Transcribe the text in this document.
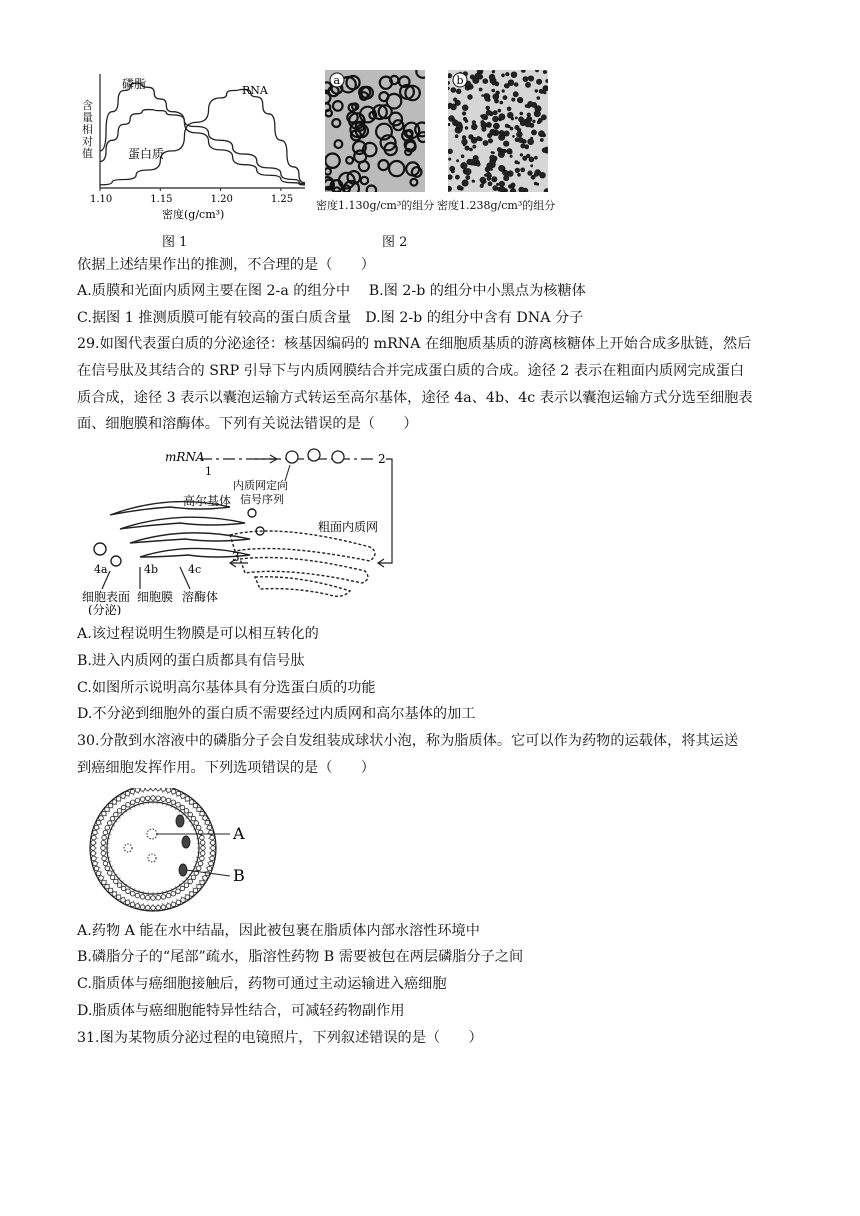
1.10	1.15	1.20	1.25
磷脂	RNA
蛋白质
密度(g/cm³)
含量相对值
图 1
a	b
密度1.130g/cm³的组分 密度1.238g/cm³的组分
图 2
依据上述结果作出的推测，不合理的是（　　）
A.质膜和光面内质网主要在图 2-a 的组分中　 B.图 2-b 的组分中小黑点为核糖体
C.据图 1 推测质膜可能有较高的蛋白质含量　D.图 2-b 的组分中含有 DNA 分子
29.如图代表蛋白质的分泌途径：核基因编码的 mRNA 在细胞质基质的游离核糖体上开始合成多肽链，然后
在信号肽及其结合的 SRP 引导下与内质网膜结合并完成蛋白质的合成。途径 2 表示在粗面内质网完成蛋白
质合成，途径 3 表示以囊泡运输方式转运至高尔基体，途径 4a、4b、4c 表示以囊泡运输方式分选至细胞表
面、细胞膜和溶酶体。下列有关说法错误的是（　　）
mRNA
1
2
内质网定向
信号序列
高尔基体
粗面内质网
3
4a	4b	4c
细胞表面
(分泌)
细胞膜 溶酶体
A.该过程说明生物膜是可以相互转化的
B.进入内质网的蛋白质都具有信号肽
C.如图所示说明高尔基体具有分选蛋白质的功能
D.不分泌到细胞外的蛋白质不需要经过内质网和高尔基体的加工
30.分散到水溶液中的磷脂分子会自发组装成球状小泡，称为脂质体。它可以作为药物的运载体，将其运送
到癌细胞发挥作用。下列选项错误的是（　　）
A
B
A.药物 A 能在水中结晶，因此被包裹在脂质体内部水溶性环境中
B.磷脂分子的“尾部”疏水，脂溶性药物 B 需要被包在两层磷脂分子之间
C.脂质体与癌细胞接触后，药物可通过主动运输进入癌细胞
D.脂质体与癌细胞能特异性结合，可减轻药物副作用
31.图为某物质分泌过程的电镜照片，下列叙述错误的是（　　）
